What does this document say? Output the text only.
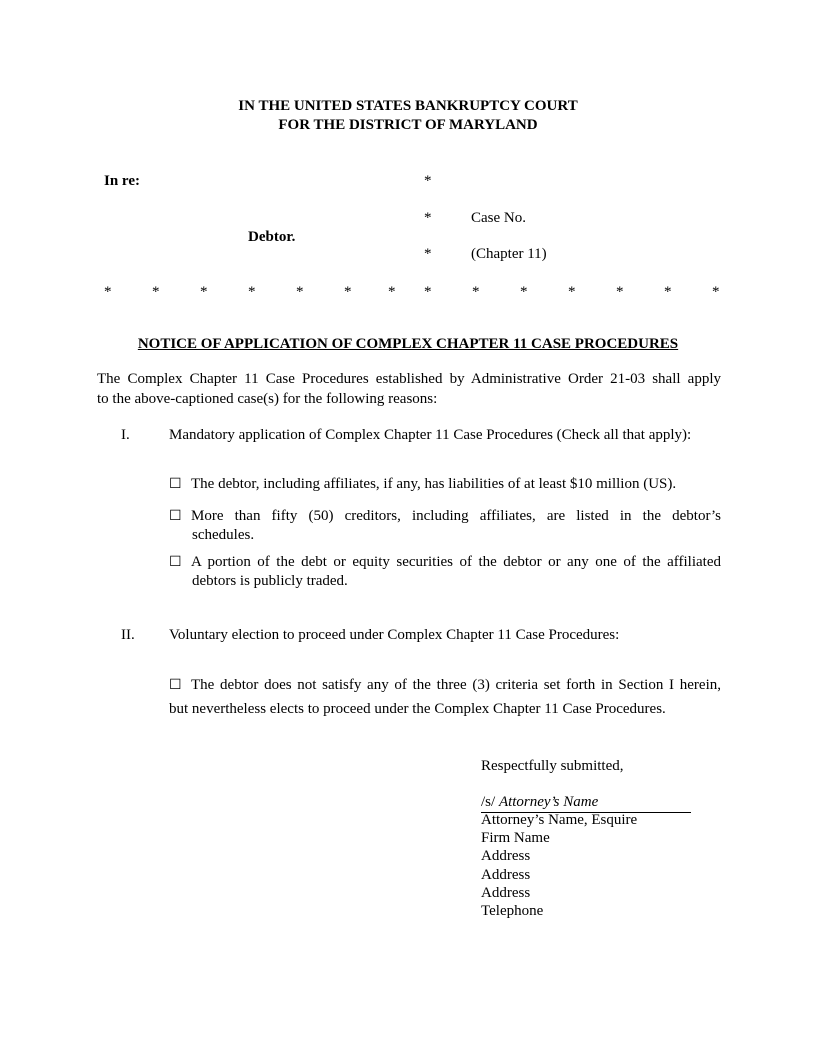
IN THE UNITED STATES BANKRUPTCY COURT
FOR THE DISTRICT OF MARYLAND
In re:	*
*	Case No.
Debtor.
*	(Chapter 11)
*	*	*	*	*	* * *	*	*	*	*	*	*
NOTICE OF APPLICATION OF COMPLEX CHAPTER 11 CASE PROCEDURES
The Complex Chapter 11 Case Procedures established by Administrative Order 21-03 shall apply
to the above-captioned case(s) for the following reasons:
I.	Mandatory application of Complex Chapter 11 Case Procedures (Check all that apply):
☐ The debtor, including affiliates, if any, has liabilities of at least $10 million (US).
☐ More than fifty (50) creditors, including affiliates, are listed in the debtor’s
schedules.
☐ A portion of the debt or equity securities of the debtor or any one of the affiliated
debtors is publicly traded.
II. Voluntary election to proceed under Complex Chapter 11 Case Procedures:
☐ The debtor does not satisfy any of the three (3) criteria set forth in Section I herein,
but nevertheless elects to proceed under the Complex Chapter 11 Case Procedures.
Respectfully submitted,
/s/ Attorney’s Name
Attorney’s Name, Esquire
Firm Name
Address
Address
Address
Telephone
